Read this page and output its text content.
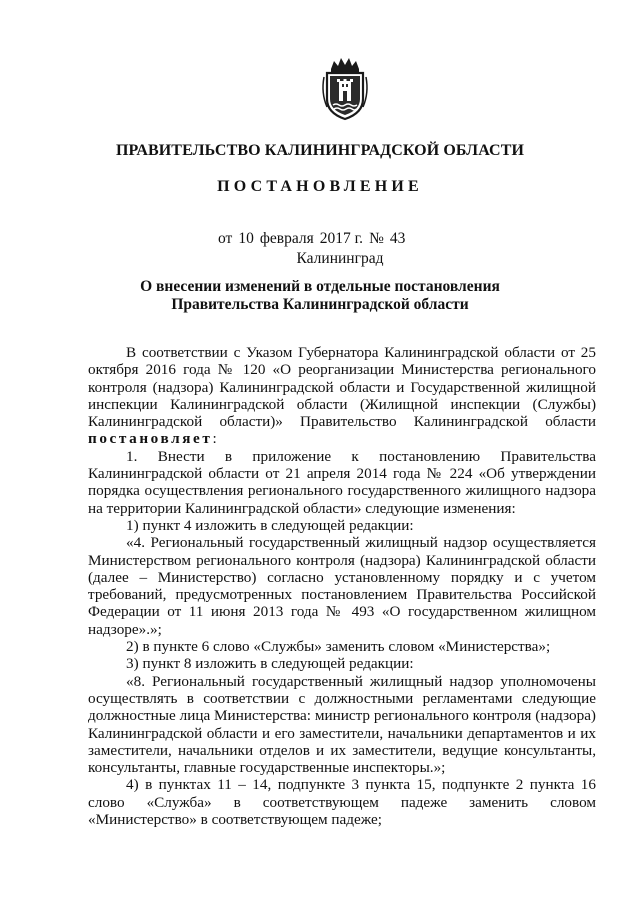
ПРАВИТЕЛЬСТВО КАЛИНИНГРАДСКОЙ ОБЛАСТИ
ПОСТАНОВЛЕНИЕ
от 10 февраля 2017 г. № 43
Калининград
О внесении изменений в отдельные постановления
Правительства Калининградской области

В соответствии с Указом Губернатора Калининградской области от 25 октября 2016 года № 120 «О реорганизации Министерства регионального контроля (надзора) Калининградской области и Государственной жилищной инспекции Калининградской области (Жилищной инспекции (Службы) Калининградской области)» Правительство Калининградской области постановляет:

1. Внести в приложение к постановлению Правительства Калининградской области от 21 апреля 2014 года № 224 «Об утверждении порядка осуществления регионального государственного жилищного надзора на территории Калининградской области» следующие изменения:

1) пункт 4 изложить в следующей редакции:

«4. Региональный государственный жилищный надзор осуществляется Министерством регионального контроля (надзора) Калининградской области (далее – Министерство) согласно установленному порядку и с учетом требований, предусмотренных постановлением Правительства Российской Федерации от 11 июня 2013 года № 493 «О государственном жилищном надзоре».»;

2) в пункте 6 слово «Службы» заменить словом «Министерства»;

3) пункт 8 изложить в следующей редакции:

«8. Региональный государственный жилищный надзор уполномочены осуществлять в соответствии с должностными регламентами следующие должностные лица Министерства: министр регионального контроля (надзора) Калининградской области и его заместители, начальники департаментов и их заместители, начальники отделов и их заместители, ведущие консультанты, консультанты, главные государственные инспекторы.»;

4) в пунктах 11 – 14, подпункте 3 пункта 15, подпункте 2 пункта 16 слово «Служба» в соответствующем падеже заменить словом «Министерство» в соответствующем падеже;
